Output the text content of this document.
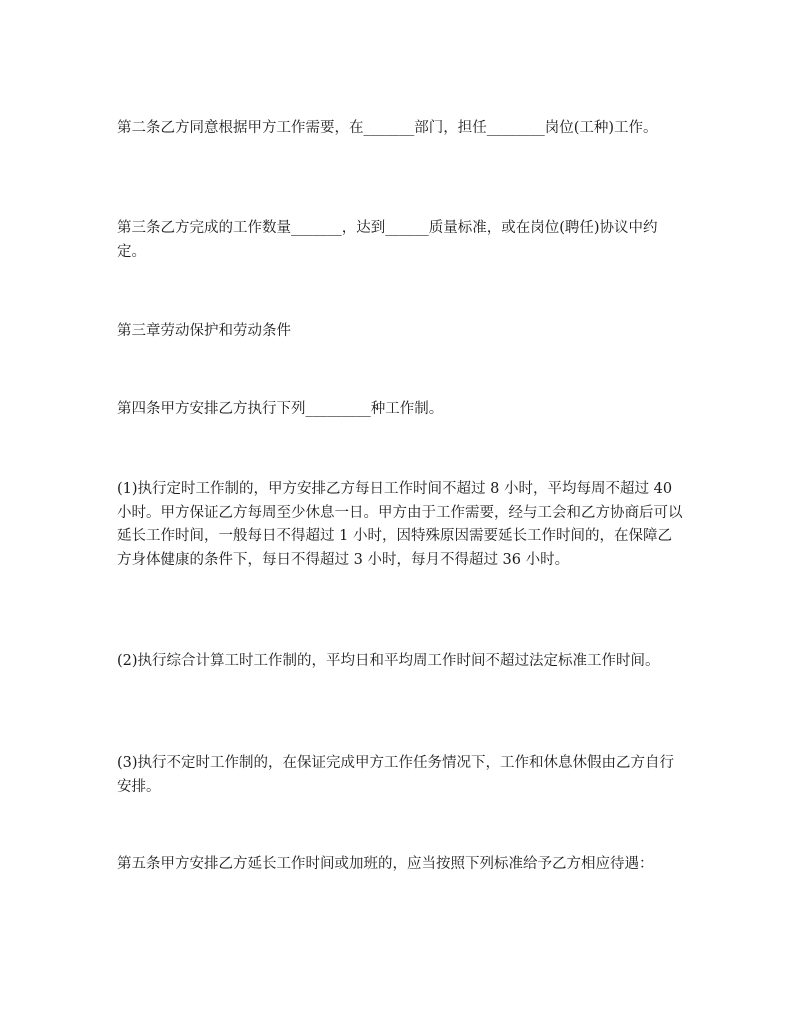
第二条乙方同意根据甲方工作需要，在_______部门，担任________岗位(工种)工作。

第三条乙方完成的工作数量_______，达到______质量标准，或在岗位(聘任)协议中约定。

第三章劳动保护和劳动条件

第四条甲方安排乙方执行下列_________种工作制。

(1)执行定时工作制的，甲方安排乙方每日工作时间不超过 8 小时，平均每周不超过 40 小时。甲方保证乙方每周至少休息一日。甲方由于工作需要，经与工会和乙方协商后可以延长工作时间，一般每日不得超过 1 小时，因特殊原因需要延长工作时间的，在保障乙方身体健康的条件下，每日不得超过 3 小时，每月不得超过 36 小时。

(2)执行综合计算工时工作制的，平均日和平均周工作时间不超过法定标准工作时间。

(3)执行不定时工作制的，在保证完成甲方工作任务情况下，工作和休息休假由乙方自行安排。

第五条甲方安排乙方延长工作时间或加班的，应当按照下列标准给予乙方相应待遇：
